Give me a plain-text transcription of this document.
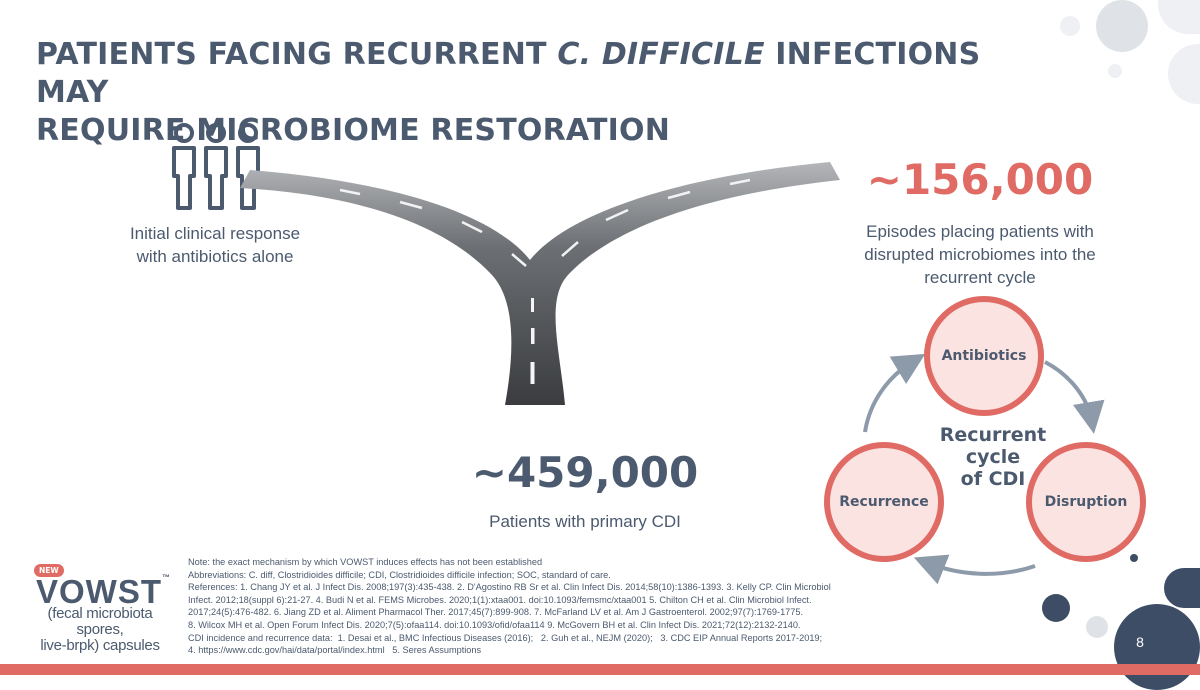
PATIENTS FACING RECURRENT C. DIFFICILE INFECTIONS MAY
REQUIRE MICROBIOME RESTORATION
Initial clinical response
with antibiotics alone
~156,000
Episodes placing patients with
disrupted microbiomes into the
recurrent cycle
~459,000
Patients with primary CDI
Antibiotics
Disruption
Recurrence
Recurrent
cycle
of CDI
Note: the exact mechanism by which VOWST induces effects has not been established
Abbreviations: C. diff, Clostridioides difficile; CDI, Clostridioides difficile infection; SOC, standard of care.
References: 1. Chang JY et al. J Infect Dis. 2008;197(3):435-438. 2. D'Agostino RB Sr et al. Clin Infect Dis. 2014;58(10):1386-1393. 3. Kelly CP. Clin Microbiol
Infect. 2012;18(suppl 6):21-27. 4. Budi N et al. FEMS Microbes. 2020;1(1):xtaa001. doi:10.1093/femsmc/xtaa001 5. Chilton CH et al. Clin Microbiol Infect.
2017;24(5):476-482. 6. Jiang ZD et al. Aliment Pharmacol Ther. 2017;45(7):899-908. 7. McFarland LV et al. Am J Gastroenterol. 2002;97(7):1769-1775.
8. Wilcox MH et al. Open Forum Infect Dis. 2020;7(5):ofaa114. doi:10.1093/ofid/ofaa114 9. McGovern BH et al. Clin Infect Dis. 2021;72(12):2132-2140.
CDI incidence and recurrence data:  1. Desai et al., BMC Infectious Diseases (2016);   2. Guh et al., NEJM (2020);   3. CDC EIP Annual Reports 2017-2019;
4. https://www.cdc.gov/hai/data/portal/index.html   5. Seres Assumptions
NEW
VOWST™
(fecal microbiota spores,
live-brpk) capsules	8
